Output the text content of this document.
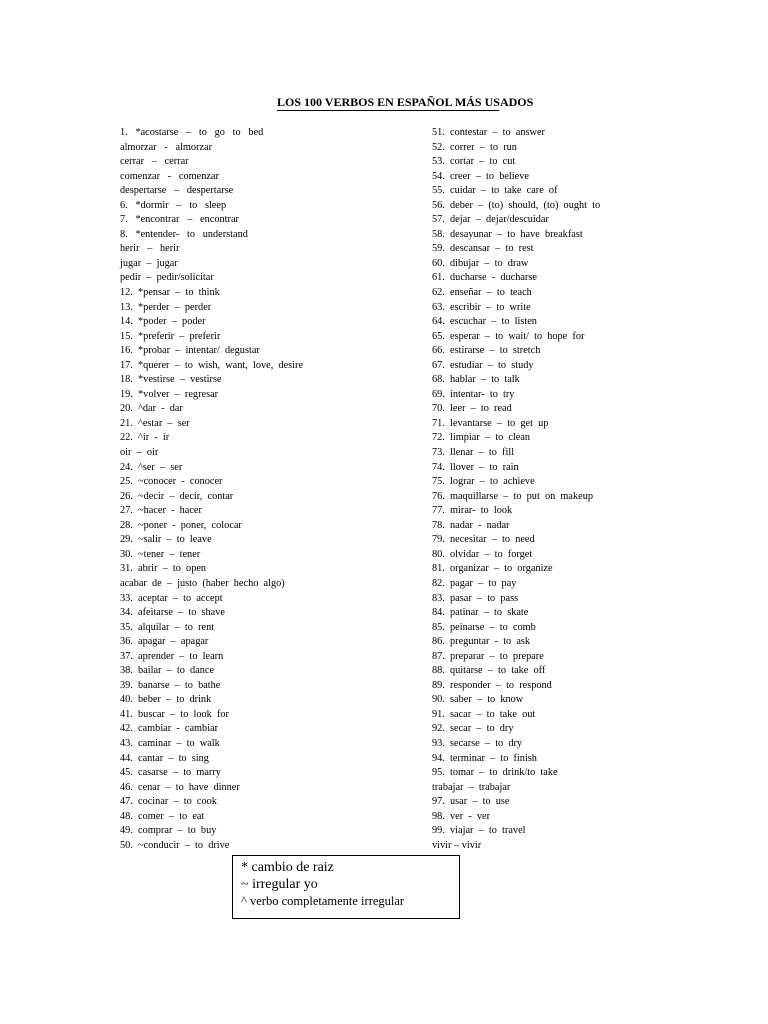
LOS 100 VERBOS EN ESPAÑOL MÁS USADOS
1.   *acostarse   –   to   go   to   bed
almorzar   -   almorzar
cerrar   –   cerrar
comenzar   -   comenzar
despertarse   –   despertarse
6.   *dormir   –   to   sleep
7.   *encontrar   –   encontrar
8.   *entender-   to   understand
herir   –   herir
jugar  –  jugar
pedir  –  pedir/solicitar
12.  *pensar  –  to  think
13.  *perder  –  perder
14.  *poder  –  poder
15.  *preferir  –  preferir
16.  *probar  –  intentar/  degustar
17.  *querer  –  to  wish,  want,  love,  desire
18.  *vestirse  –  vestirse
19.  *volver  –  regresar
20.  ^dar  -  dar
21.  ^estar  –  ser
22.  ^ir  -  ir
oir  –  oir
24.  ^ser  –  ser
25.  ~conocer  -  conocer
26.  ~decir  –  decir,  contar
27.  ~hacer  -  hacer
28.  ~poner  -  poner,  colocar
29.  ~salir  –  to  leave
30.  ~tener  –  tener
31.  abrir  –  to  open
acabar  de  –  justo  (haber  hecho  algo)
33.  aceptar  –  to  accept
34.  afeitarse  –  to  shave
35.  alquilar  –  to  rent
36.  apagar  –  apagar
37.  aprender  –  to  learn
38.  bailar  –  to  dance
39.  banarse  –  to  bathe
40.  beber  –  to  drink
41.  buscar  –  to  look  for
42.  cambiar  -  cambiar
43.  caminar  –  to  walk
44.  cantar  –  to  sing
45.  casarse  –  to  marry
46.  cenar  –  to  have  dinner
47.  cocinar  –  to  cook
48.  comer  –  to  eat
49.  comprar  –  to  buy
50.  ~conducir  –  to  drive
51.  contestar  –  to  answer
52.  correr  –  to  run
53.  cortar  –  to  cut
54.  creer  –  to  believe
55.  cuidar  –  to  take  care  of
56.  deber  –  (to)  should,  (to)  ought  to
57.  dejar  –  dejar/descuidar
58.  desayunar  –  to  have  breakfast
59.  descansar  –  to  rest
60.  dibujar  –  to  draw
61.  ducharse  -  ducharse
62.  enseñar  –  to  teach
63.  escribir  –  to  write
64.  escuchar  –  to  listen
65.  esperar  –  to  wait/  to  hope  for
66.  estirarse  –  to  stretch
67.  estudiar  –  to  study
68.  hablar  –  to  talk
69.  intentar-  to  try
70.  leer  –  to  read
71.  levantarse  –  to  get  up
72.  limpiar  –  to  clean
73.  llenar  –  to  fill
74.  llover  –  to  rain
75.  lograr  –  to  achieve
76.  maquillarse  –  to  put  on  makeup
77.  mirar-  to  look
78.  nadar  -  nadar
79.  necesitar  –  to  need
80.  olvidar  –  to  forget
81.  organizar  –  to  organize
82.  pagar  –  to  pay
83.  pasar  –  to  pass
84.  patinar  –  to  skate
85.  peinarse  –  to  comb
86.  preguntar  -  to  ask
87.  preparar  –  to  prepare
88.  quitarse  –  to  take  off
89.  responder  –  to  respond
90.  saber  –  to  know
91.  sacar  –  to  take  out
92.  secar  –  to  dry
93.  secarse  –  to  dry
94.  terminar  –  to  finish
95.  tomar  –  to  drink/to  take
trabajar  –  trabajar
97.  usar  –  to  use
98.  ver  -  ver
99.  viajar  –  to  travel
vivir – vivir
* cambio de raiz
~ irregular yo
^ verbo completamente irregular
